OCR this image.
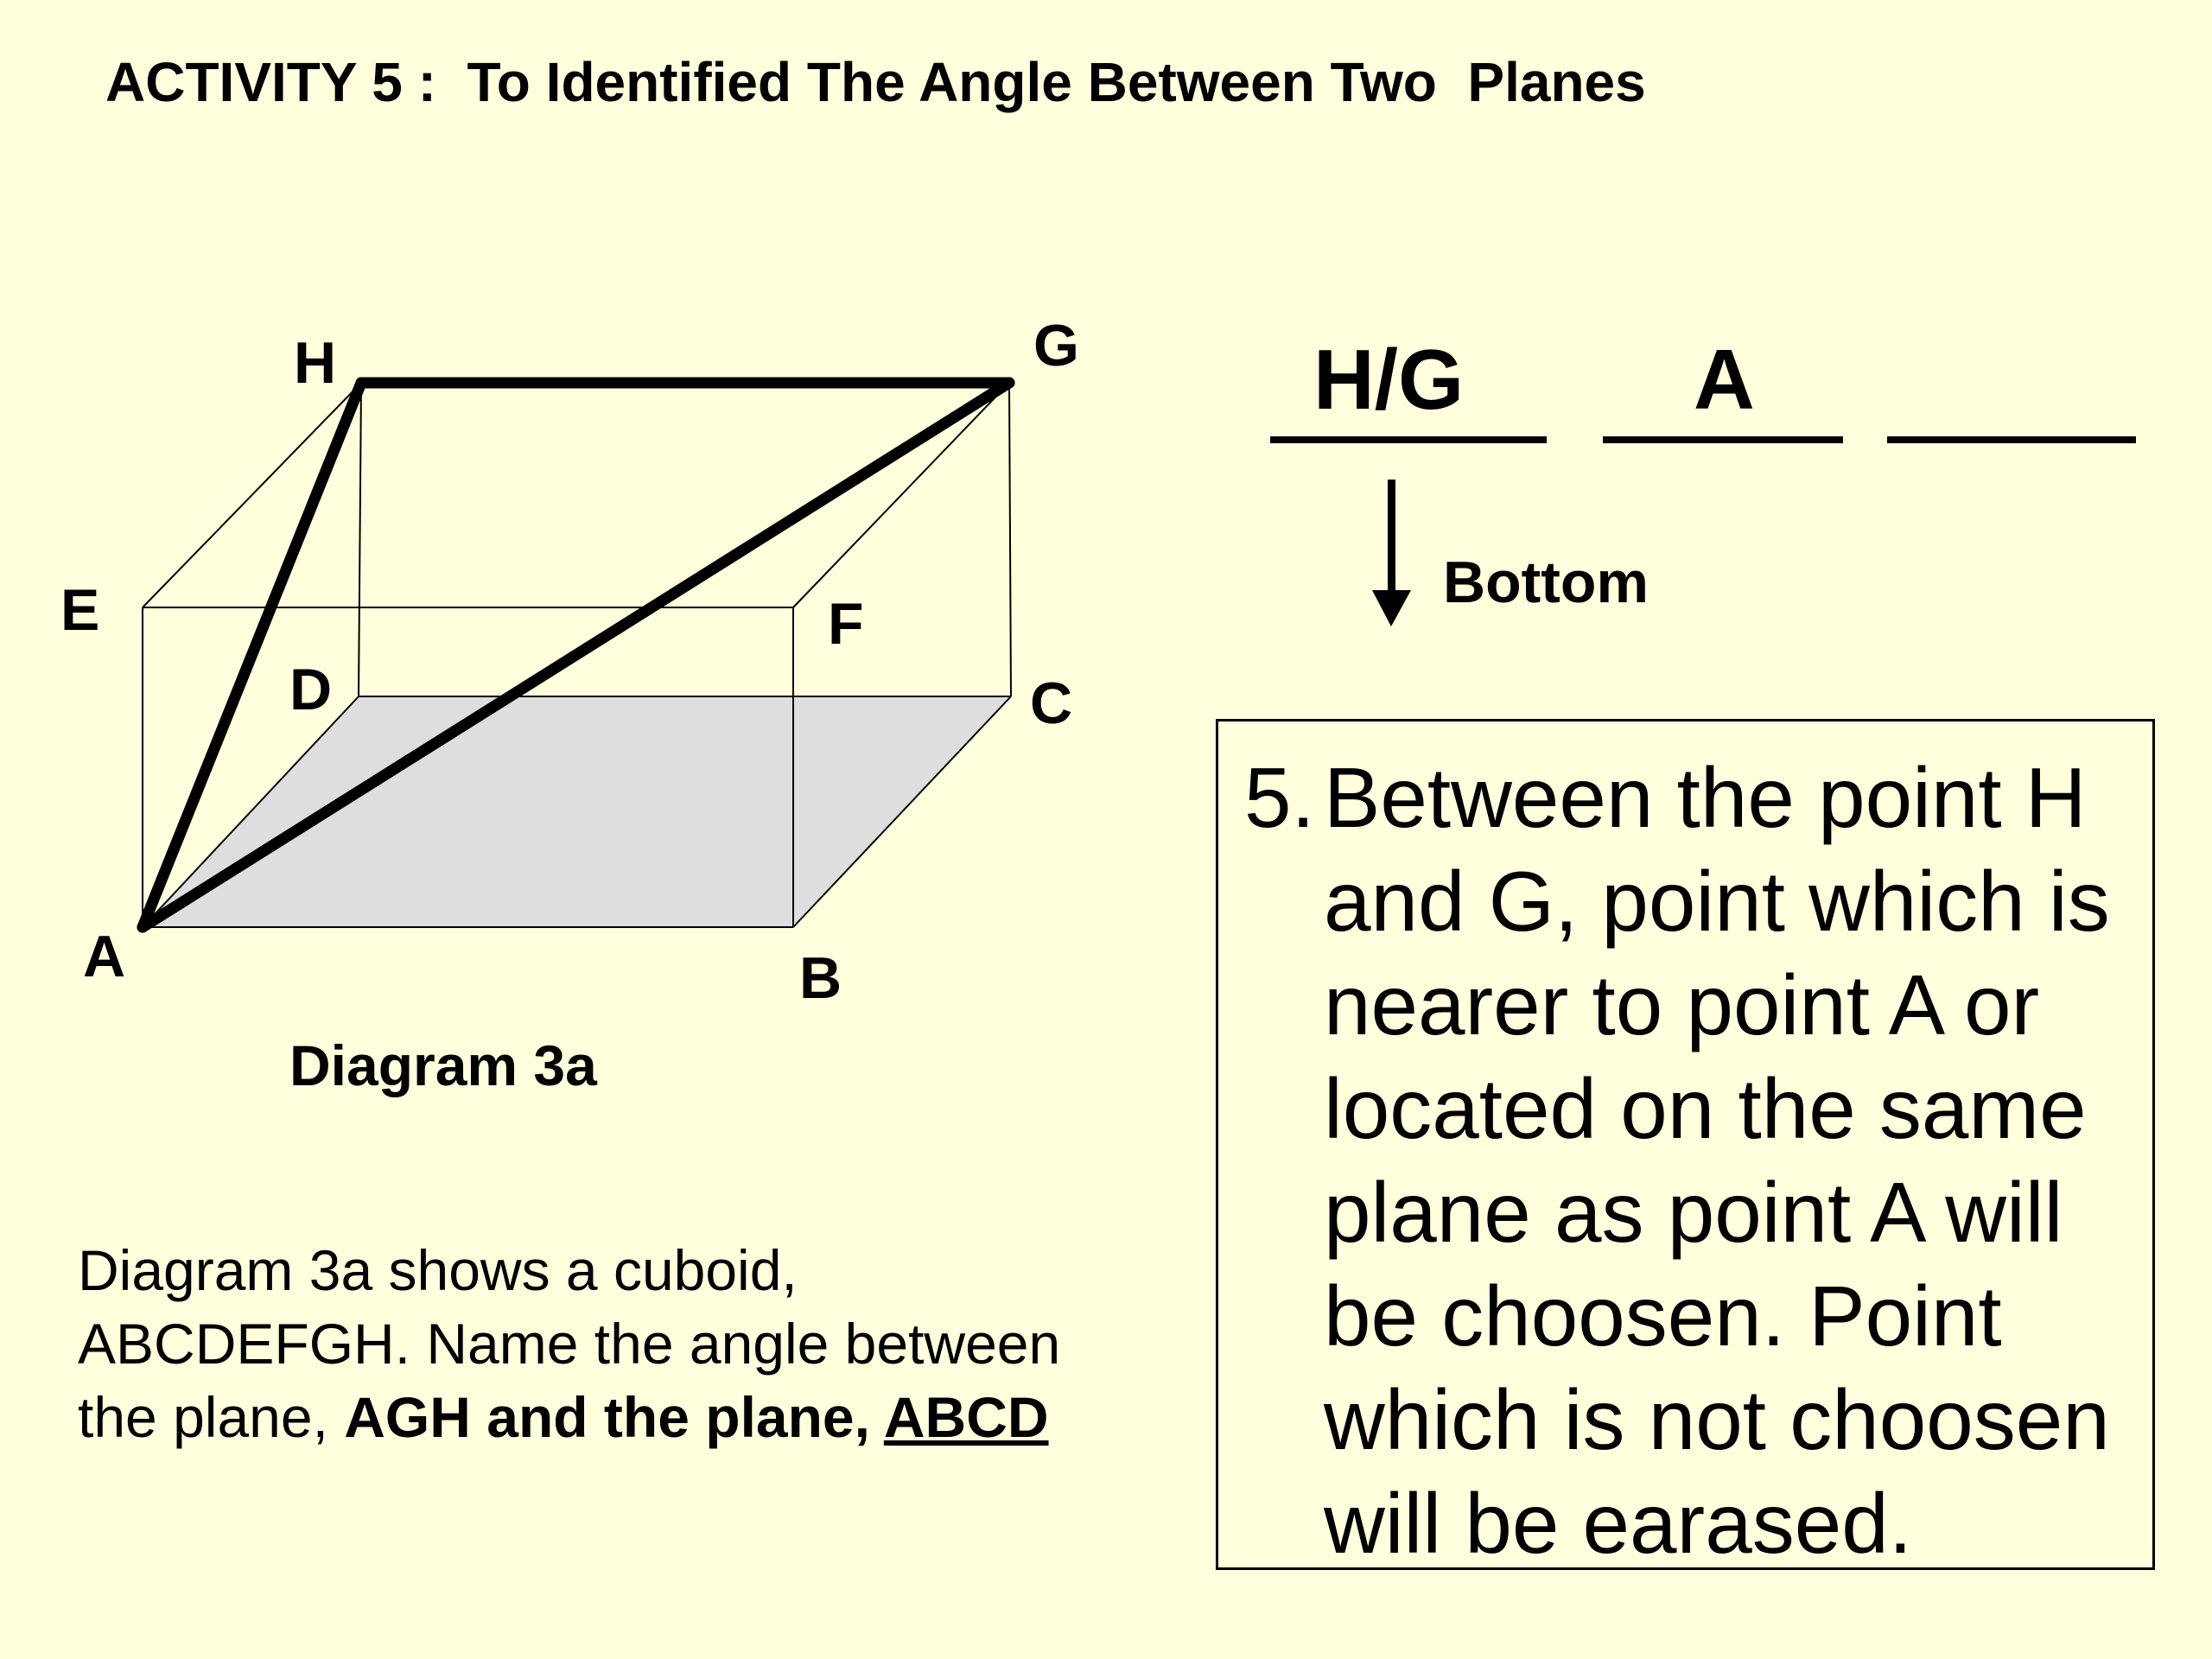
ACTIVITY 5 :  To Identified The Angle Between Two  Planes
H	G
E	F
D	C
A	B
Diagram 3a
Diagram 3a shows a cuboid, ABCDEFGH. Name the angle between the plane, AGH and the plane, ABCD
H/G	A
Bottom
5. Between the point H and G, point which is nearer to point A or located on the same plane as point A will be choosen. Point which is not choosen will be earased.
